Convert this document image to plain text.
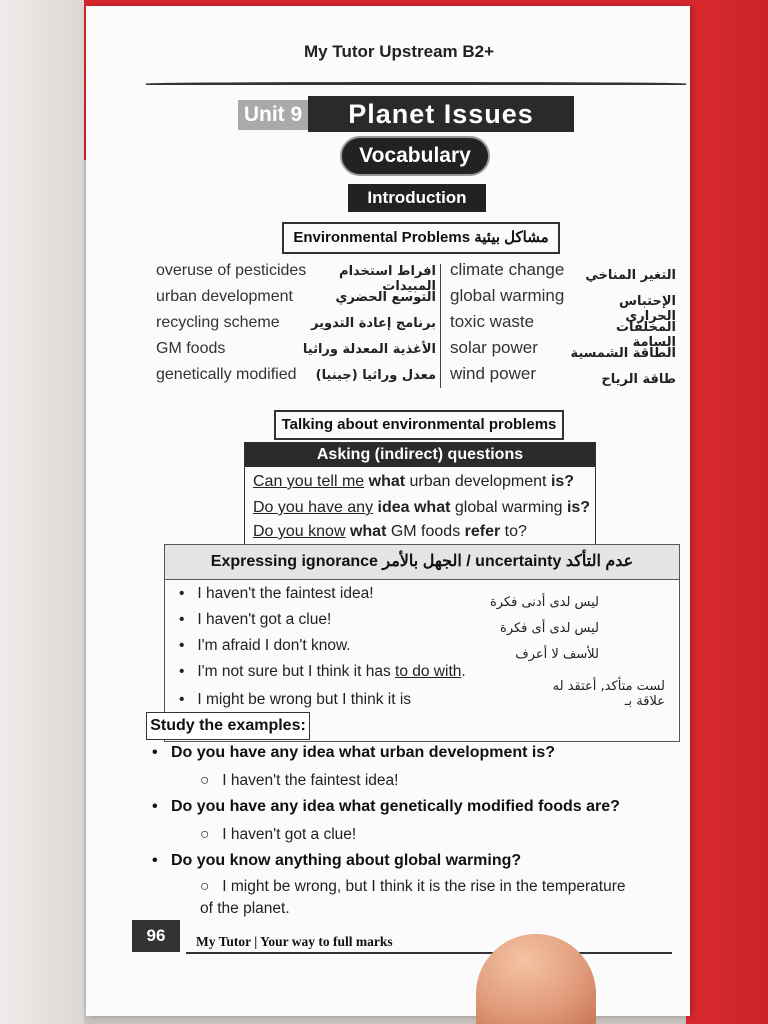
My Tutor Upstream B2+
Unit 9	Planet Issues
Vocabulary
Introduction
Environmental Problems مشاكل بيئية
overuse of pesticides
urban development
recycling scheme
GM foods
genetically modified
افراط استخدام المبيدات
التوسع الحضري
برنامج إعادة التدوير
الأغذية المعدلة وراثيا
معدل وراثيا (جينيا)
climate change
global warming
toxic waste
solar power
wind power
التغير المناخي
الإحتباس الحراري
المخلفات السامة
الطاقة الشمسية
طاقة الرياح
Talking about environmental problems
Asking (indirect) questions
Can you tell me what urban development is?
Do you have any idea what global warming is?
Do you know what GM foods refer to?
Expressing ignorance الجهل بالأمر / uncertainty عدم التأكد
•   I haven't the faintest idea!
•   I haven't got a clue!
•   I'm afraid I don't know.
•   I'm not sure but I think it has to do with.
•   I might be wrong but I think it is
ليس لدى أدنى فكرة
ليس لدى أى فكرة
للأسف لا أعرف
لست متأكد, أعتقد له علاقة بـ
Study the examples:
•   Do you have any idea what urban development is?
○   I haven't the faintest idea!
•   Do you have any idea what genetically modified foods are?
○   I haven't got a clue!
•   Do you know anything about global warming?
○   I might be wrong, but I think it is the rise in the temperature of the planet.
96	My Tutor | Your way to full marks
